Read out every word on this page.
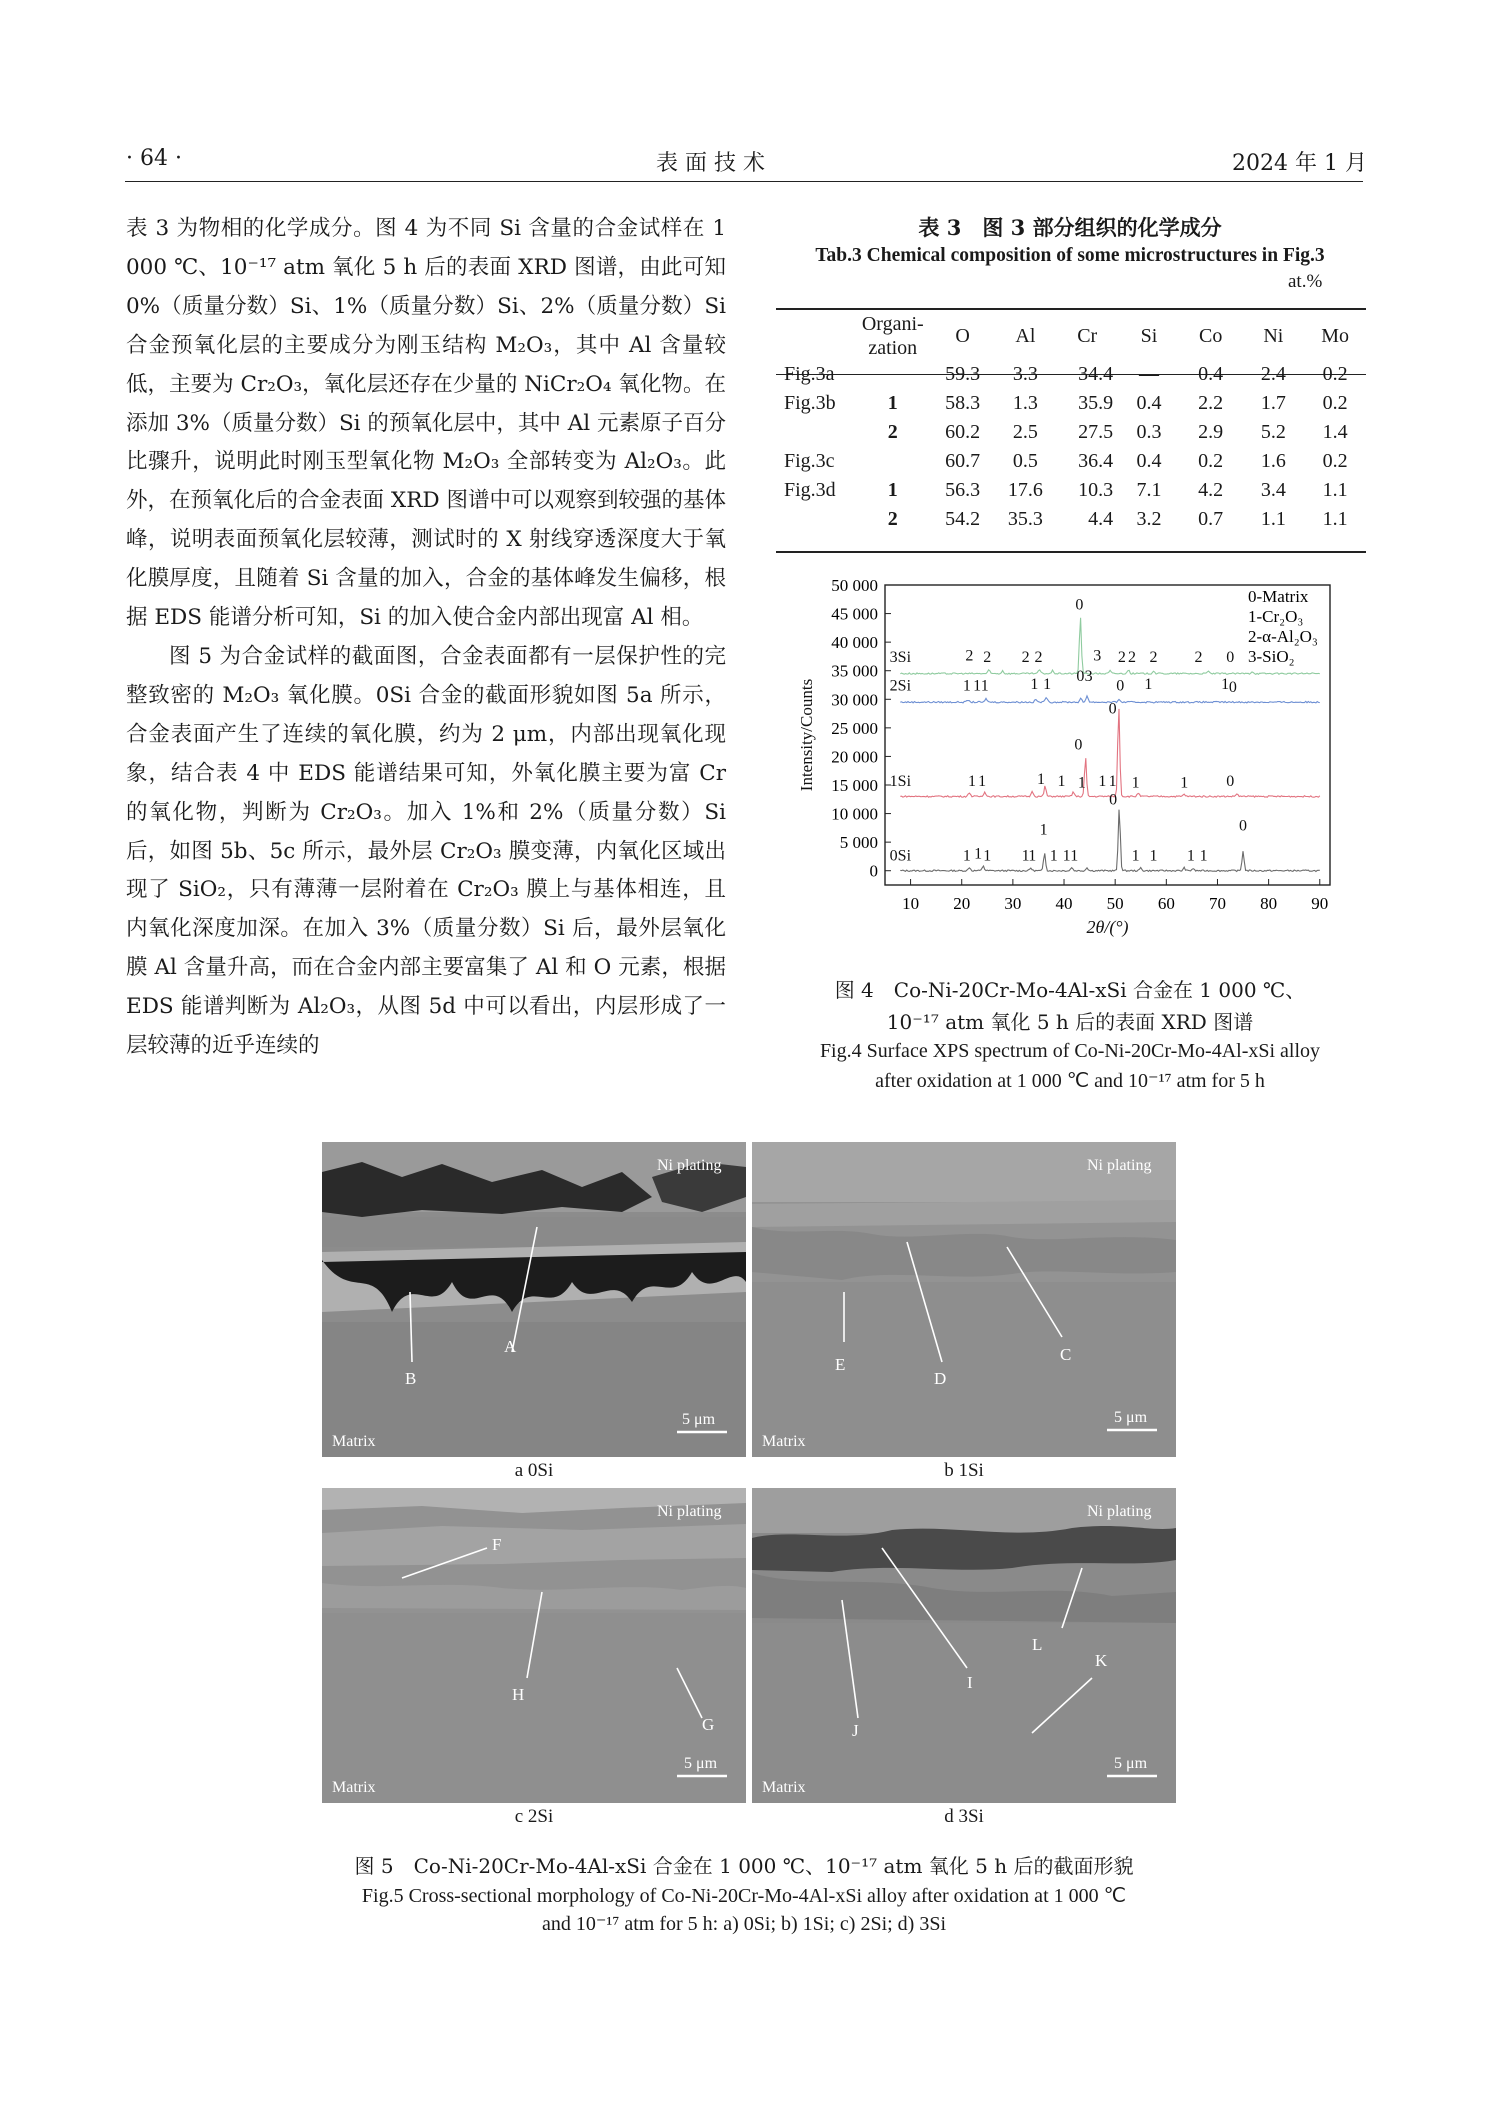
· 64 ·	表 面 技 术	2024 年 1 月

表 3 为物相的化学成分。图 4 为不同 Si 含量的合金试样在 1 000 ℃、10⁻¹⁷ atm 氧化 5 h 后的表面 XRD 图谱，由此可知 0%（质量分数）Si、1%（质量分数）Si、2%（质量分数）Si 合金预氧化层的主要成分为刚玉结构 M₂O₃，其中 Al 含量较低，主要为 Cr₂O₃，氧化层还存在少量的 NiCr₂O₄ 氧化物。在添加 3%（质量分数）Si 的预氧化层中，其中 Al 元素原子百分比骤升，说明此时刚玉型氧化物 M₂O₃ 全部转变为 Al₂O₃。此外，在预氧化后的合金表面 XRD 图谱中可以观察到较强的基体峰，说明表面预氧化层较薄，测试时的 X 射线穿透深度大于氧化膜厚度，且随着 Si 含量的加入，合金的基体峰发生偏移，根据 EDS 能谱分析可知，Si 的加入使合金内部出现富 Al 相。

图 5 为合金试样的截面图，合金表面都有一层保护性的完整致密的 M₂O₃ 氧化膜。0Si 合金的截面形貌如图 5a 所示，合金表面产生了连续的氧化膜，约为 2 μm，内部出现氧化现象，结合表 4 中 EDS 能谱结果可知，外氧化膜主要为富 Cr 的氧化物，判断为 Cr₂O₃。加入 1%和 2%（质量分数）Si 后，如图 5b、5c 所示，最外层 Cr₂O₃ 膜变薄，内氧化区域出现了 SiO₂，只有薄薄一层附着在 Cr₂O₃ 膜上与基体相连，且内氧化深度加深。在加入 3%（质量分数）Si 后，最外层氧化膜 Al 含量升高，而在合金内部主要富集了 Al 和 O 元素，根据 EDS 能谱判断为 Al₂O₃，从图 5d 中可以看出，内层形成了一层较薄的近乎连续的

表 3　图 3 部分组织的化学成分
Tab.3 Chemical composition of some microstructures in Fig.3
at.%

	Organi-
zation	O	Al	Cr	Si	Co	Ni	Mo
Fig.3a		59.3	3.3	34.4	—	0.4	2.4	0.2
Fig.3b	1	58.3	1.3	35.9	0.4	2.2	1.7	0.2
	2	60.2	2.5	27.5	0.3	2.9	5.2	1.4
Fig.3c		60.7	0.5	36.4	0.4	0.2	1.6	0.2
Fig.3d	1	56.3	17.6	10.3	7.1	4.2	3.4	1.1
	2	54.2	35.3	4.4	3.2	0.7	1.1	1.1
0
5 000
10 000
15 000
20 000
25 000
30 000
35 000
40 000
45 000
50 000
10 20 30 40 50 60 70 80 90
0Si	1 1 1 1
1
1
1 1 1
0
1 1 1 1
0
1Si	1 1	1 1 1
0
1 1 1	1 0
0
2Si	1 1 1	1 1 0 3
0 1	1 0
3Si	2 2 2 2
0
3 2 2 2 2 0
Intensity/Counts
2θ/(°)
0-Matrix
1-Cr₂O₃
2-α-Al₂O₃
3-SiO₂
图 4　Co-Ni-20Cr-Mo-4Al-xSi 合金在 1 000 ℃、
10⁻¹⁷ atm 氧化 5 h 后的表面 XRD 图谱
Fig.4 Surface XPS spectrum of Co-Ni-20Cr-Mo-4Al-xSi alloy
after oxidation at 1 000 ℃ and 10⁻¹⁷ atm for 5 h
Ni plating
Matrix
5 μm
B
A
a 0Si
Ni plating
Matrix
5 μm
E
D
C
b 1Si
Ni plating
Matrix
5 μm
F
G
H
c 2Si
Ni plating
Matrix
5 μm
I
J
K
L
d 3Si
图 5　Co-Ni-20Cr-Mo-4Al-xSi 合金在 1 000 ℃、10⁻¹⁷ atm 氧化 5 h 后的截面形貌
Fig.5 Cross-sectional morphology of Co-Ni-20Cr-Mo-4Al-xSi alloy after oxidation at 1 000 ℃
and 10⁻¹⁷ atm for 5 h: a) 0Si; b) 1Si; c) 2Si; d) 3Si
